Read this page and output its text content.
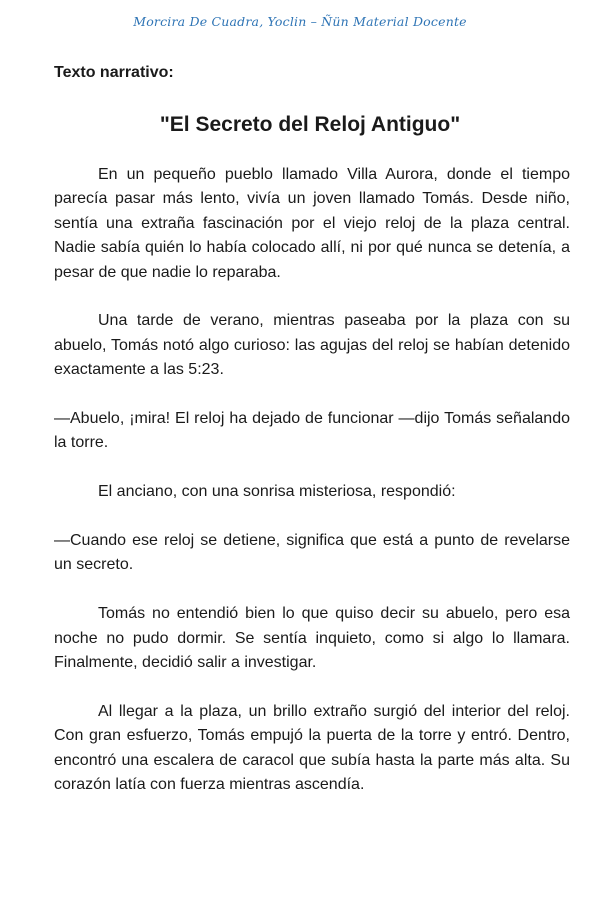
Morcira De Cuadra, Yoclin – Ñün Material Docente
Texto narrativo:
"El Secreto del Reloj Antiguo"

En un pequeño pueblo llamado Villa Aurora, donde el tiempo parecía pasar más lento, vivía un joven llamado Tomás. Desde niño, sentía una extraña fascinación por el viejo reloj de la plaza central. Nadie sabía quién lo había colocado allí, ni por qué nunca se detenía, a pesar de que nadie lo reparaba.

Una tarde de verano, mientras paseaba por la plaza con su abuelo, Tomás notó algo curioso: las agujas del reloj se habían detenido exactamente a las 5:23.

—Abuelo, ¡mira! El reloj ha dejado de funcionar —dijo Tomás señalando la torre.

El anciano, con una sonrisa misteriosa, respondió:

—Cuando ese reloj se detiene, significa que está a punto de revelarse un secreto.

Tomás no entendió bien lo que quiso decir su abuelo, pero esa noche no pudo dormir. Se sentía inquieto, como si algo lo llamara. Finalmente, decidió salir a investigar.

Al llegar a la plaza, un brillo extraño surgió del interior del reloj. Con gran esfuerzo, Tomás empujó la puerta de la torre y entró. Dentro, encontró una escalera de caracol que subía hasta la parte más alta. Su corazón latía con fuerza mientras ascendía.
